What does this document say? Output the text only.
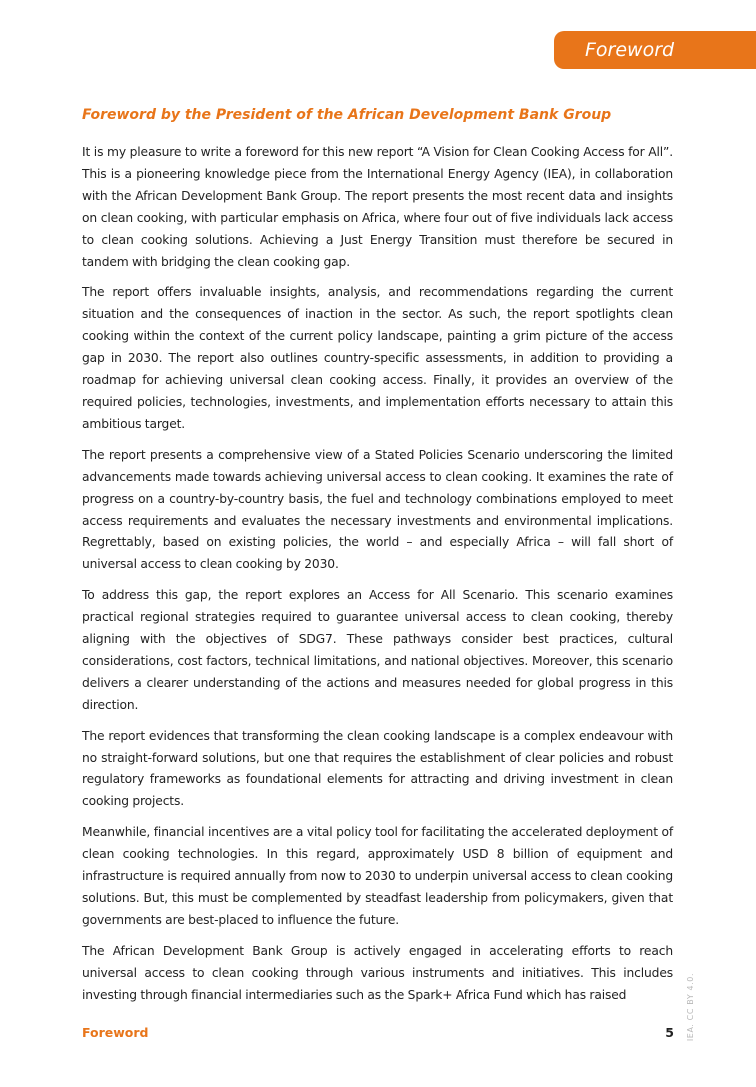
Foreword
Foreword by the President of the African Development Bank Group

It is my pleasure to write a foreword for this new report “A Vision for Clean Cooking Access for All”. This is a pioneering knowledge piece from the International Energy Agency (IEA), in collaboration with the African Development Bank Group. The report presents the most recent data and insights on clean cooking, with particular emphasis on Africa, where four out of five individuals lack access to clean cooking solutions. Achieving a Just Energy Transition must therefore be secured in tandem with bridging the clean cooking gap.

The report offers invaluable insights, analysis, and recommendations regarding the current situation and the consequences of inaction in the sector. As such, the report spotlights clean cooking within the context of the current policy landscape, painting a grim picture of the access gap in 2030. The report also outlines country-specific assessments, in addition to providing a roadmap for achieving universal clean cooking access. Finally, it provides an overview of the required policies, technologies, investments, and implementation efforts necessary to attain this ambitious target.

The report presents a comprehensive view of a Stated Policies Scenario underscoring the limited advancements made towards achieving universal access to clean cooking. It examines the rate of progress on a country-by-country basis, the fuel and technology combinations employed to meet access requirements and evaluates the necessary investments and environmental implications. Regrettably, based on existing policies, the world – and especially Africa – will fall short of universal access to clean cooking by 2030.

To address this gap, the report explores an Access for All Scenario. This scenario examines practical regional strategies required to guarantee universal access to clean cooking, thereby aligning with the objectives of SDG7. These pathways consider best practices, cultural considerations, cost factors, technical limitations, and national objectives. Moreover, this scenario delivers a clearer understanding of the actions and measures needed for global progress in this direction.

The report evidences that transforming the clean cooking landscape is a complex endeavour with no straight-forward solutions, but one that requires the establishment of clear policies and robust regulatory frameworks as foundational elements for attracting and driving investment in clean cooking projects.

Meanwhile, financial incentives are a vital policy tool for facilitating the accelerated deployment of clean cooking technologies. In this regard, approximately USD 8 billion of equipment and infrastructure is required annually from now to 2030 to underpin universal access to clean cooking solutions. But, this must be complemented by steadfast leadership from policymakers, given that governments are best-placed to influence the future.

The African Development Bank Group is actively engaged in accelerating efforts to reach universal access to clean cooking through various instruments and initiatives. This includes investing through financial intermediaries such as the Spark+ Africa Fund which has raised

Foreword	5 IEA. CC BY 4.0.
